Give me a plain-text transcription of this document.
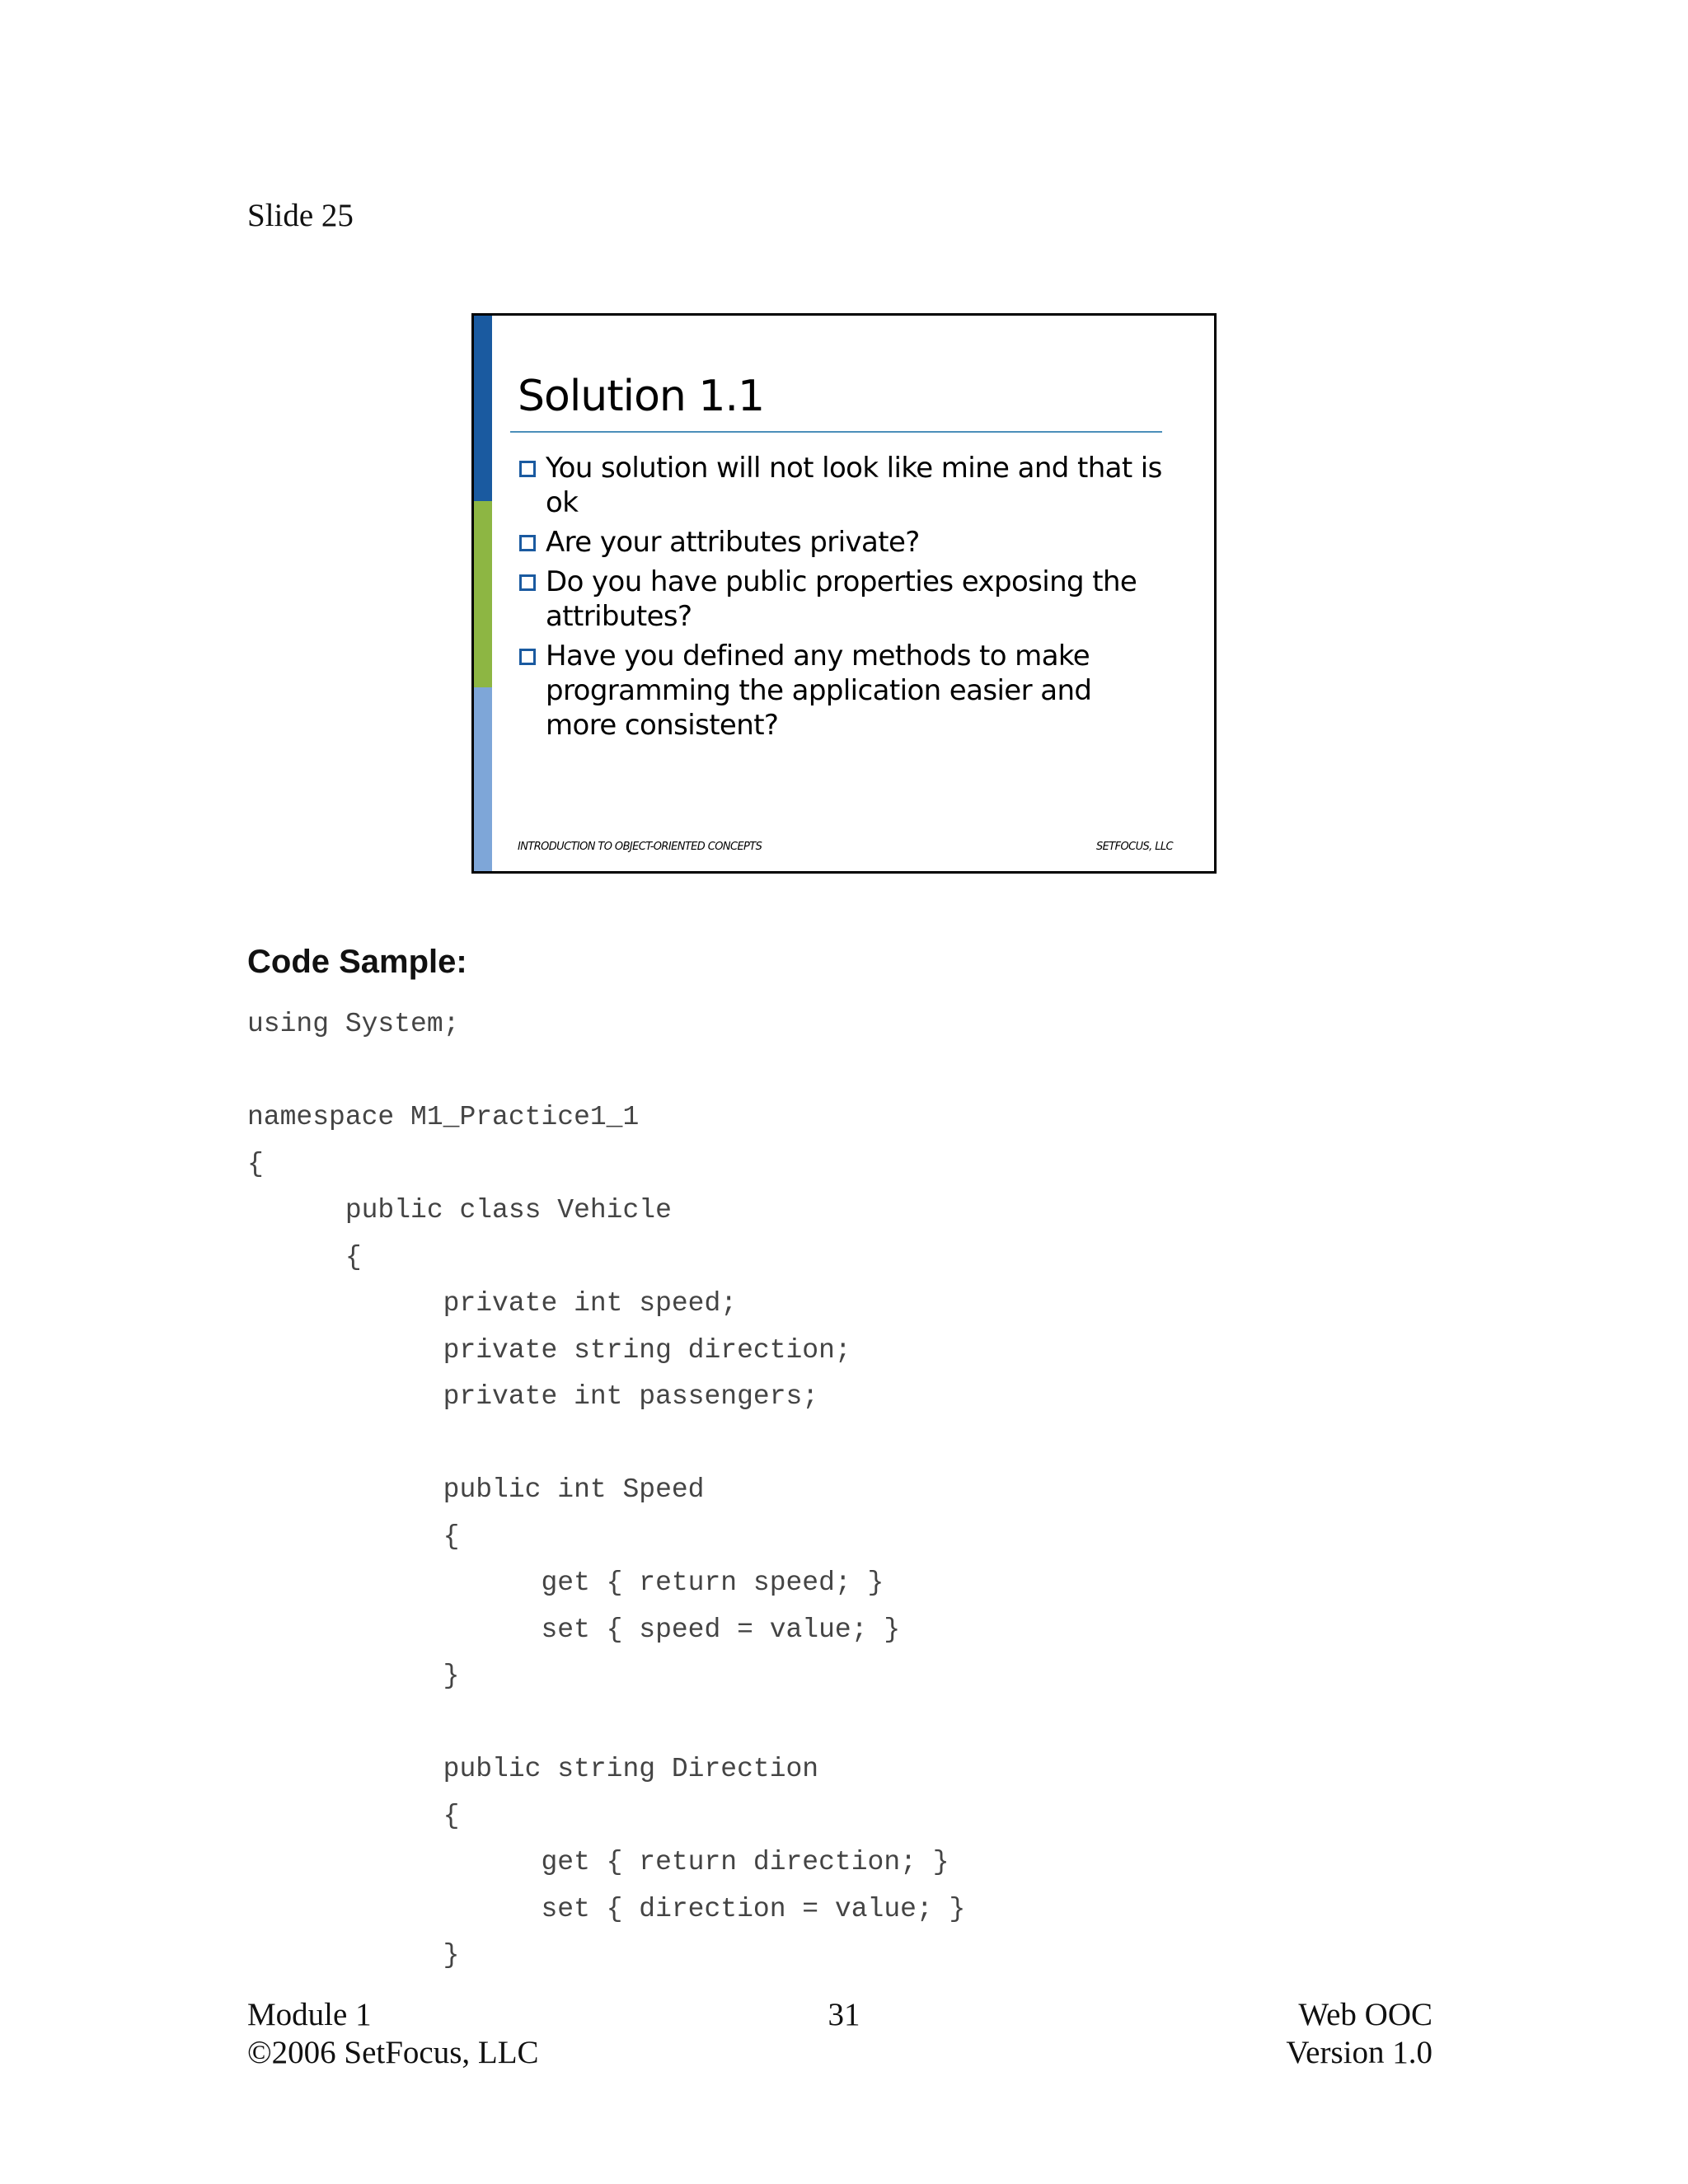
Slide 25
Solution 1.1
You solution will not look like mine and that is ok
Are your attributes private?
Do you have public properties exposing the attributes?
Have you defined any methods to make programming the application easier and more consistent?
INTRODUCTION TO OBJECT-ORIENTED CONCEPTS	SETFOCUS, LLC
Code Sample:
using System;
namespace M1_Practice1_1
{
public class Vehicle
{
private int speed;
private string direction;
private int passengers;
public int Speed
{
get { return speed; }
set { speed = value; }
}
public string Direction
{
get { return direction; }
set { direction = value; }
}
Module 1
©2006 SetFocus, LLC
31	Web OOC
Version 1.0
